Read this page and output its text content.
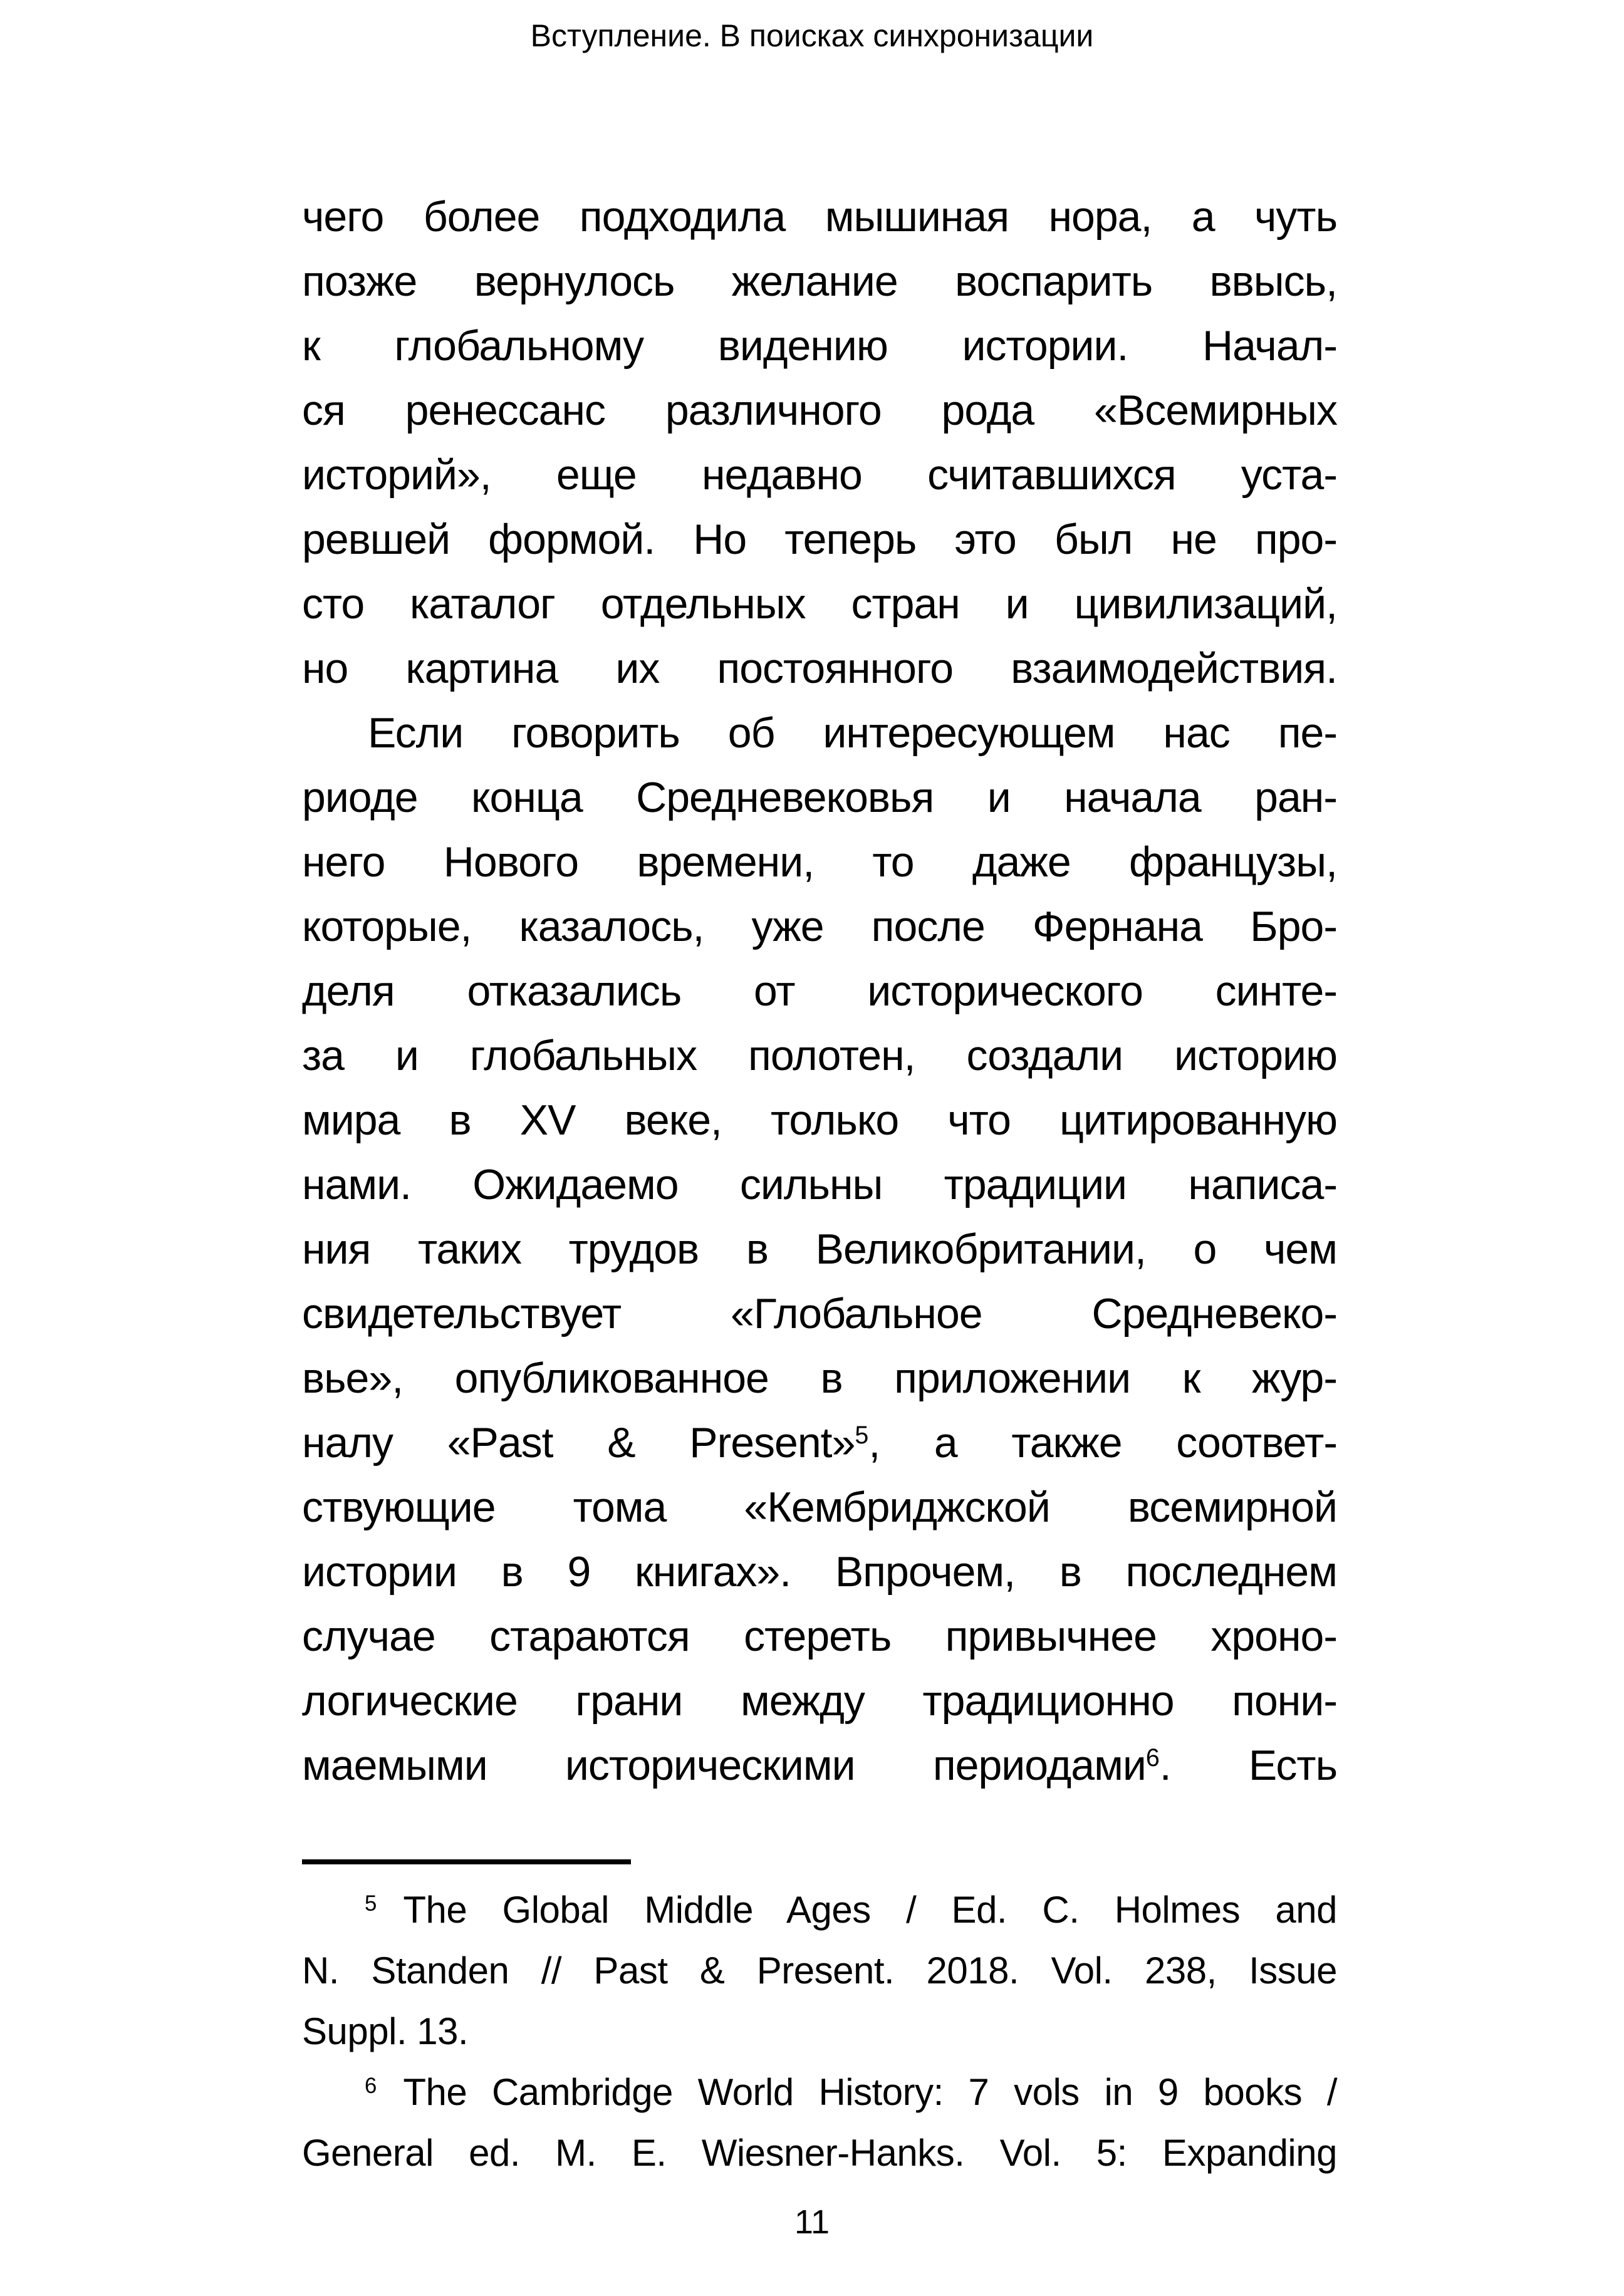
Вступление. В поисках синхронизации
чего более подходила мышиная нора, а чуть
позже вернулось желание воспарить ввысь,
к глобальному видению истории. Начал-
ся ренессанс различного рода «Всемирных
историй», еще недавно считавшихся уста-
ревшей формой. Но теперь это был не про-
сто каталог отдельных стран и цивилизаций,
но картина их постоянного взаимодействия.
Если говорить об интересующем нас пе-
риоде конца Средневековья и начала ран-
него Нового времени, то даже французы,
которые, казалось, уже после Фернана Бро-
деля отказались от исторического синте-
за и глобальных полотен, создали историю
мира в XV веке, только что цитированную
нами. Ожидаемо сильны традиции написа-
ния таких трудов в Великобритании, о чем
свидетельствует «Глобальное Средневеко-
вье», опубликованное в приложении к жур-
налу «Past & Present»$^5$, а также соответ-
ствующие тома «Кембриджской всемирной
истории в 9 книгах». Впрочем, в последнем
случае стараются стереть привычнее хроно-
логические грани между традиционно пони-
маемыми историческими периодами$^6$. Есть
$^5$ The Global Middle Ages / Ed. C. Holmes and
N. Standen // Past & Present. 2018. Vol. 238, Issue
Suppl. 13.
$^6$ The Cambridge World History: 7 vols in 9 books /
General ed. M. E. Wiesner-Hanks. Vol. 5: Expanding
11
